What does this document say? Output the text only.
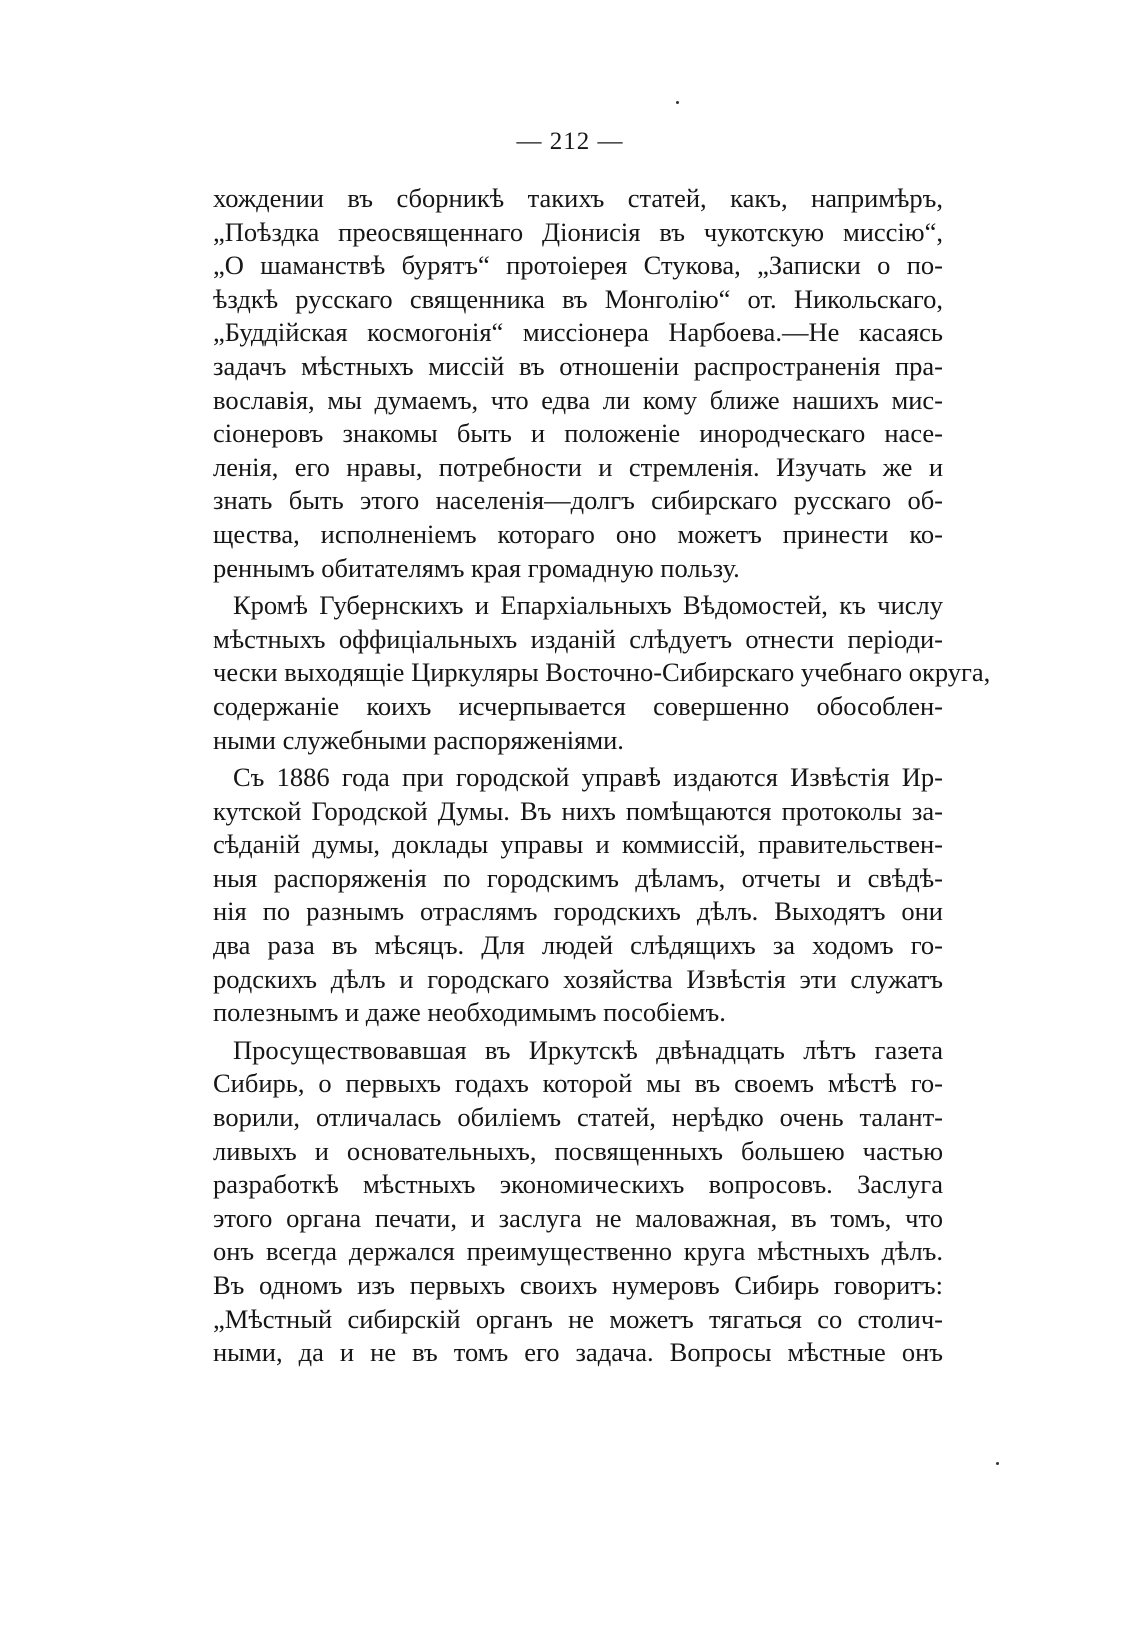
— 212 —
хождении въ сборникѣ такихъ статей, какъ, напримѣръ,
„Поѣздка преосвященнаго Діонисія въ чукотскую миссію“,
„О шаманствѣ бурятъ“ протоіерея Стукова, „Записки о по-
ѣздкѣ русскаго священника въ Монголію“ от. Никольскаго,
„Буддійская космогонія“ миссіонера Нарбоева.—Не касаясь
задачъ мѣстныхъ миссій въ отношеніи распространенія пра-
вославія, мы думаемъ, что едва ли кому ближе нашихъ мис-
сіонеровъ знакомы быть и положеніе инородческаго насе-
ленія, его нравы, потребности и стремленія. Изучать же и
знать быть этого населенія—долгъ сибирскаго русскаго об-
щества, исполненіемъ котораго оно можетъ принести ко-
реннымъ обитателямъ края громадную пользу.
Кромѣ Губернскихъ и Епархіальныхъ Вѣдомостей, къ числу
мѣстныхъ оффиціальныхъ изданій слѣдуетъ отнести періоди-
чески выходящіе Циркуляры Восточно-Сибирскаго учебнаго округа,
содержаніе коихъ исчерпывается совершенно обособлен-
ными служебными распоряженіями.
Съ 1886 года при городской управѣ издаются Извѣстія Ир-
кутской Городской Думы. Въ нихъ помѣщаются протоколы за-
сѣданій думы, доклады управы и коммиссій, правительствен-
ныя распоряженія по городскимъ дѣламъ, отчеты и свѣдѣ-
нія по разнымъ отраслямъ городскихъ дѣлъ. Выходятъ они
два раза въ мѣсяцъ. Для людей слѣдящихъ за ходомъ го-
родскихъ дѣлъ и городскаго хозяйства Извѣстія эти служатъ
полезнымъ и даже необходимымъ пособіемъ.
Просуществовавшая въ Иркутскѣ двѣнадцать лѣтъ газета
Сибирь, о первыхъ годахъ которой мы въ своемъ мѣстѣ го-
ворили, отличалась обиліемъ статей, нерѣдко очень талант-
ливыхъ и основательныхъ, посвященныхъ большею частью
разработкѣ мѣстныхъ экономическихъ вопросовъ. Заслуга
этого органа печати, и заслуга не маловажная, въ томъ, что
онъ всегда держался преимущественно круга мѣстныхъ дѣлъ.
Въ одномъ изъ первыхъ своихъ нумеровъ Сибирь говоритъ:
„Мѣстный сибирскій органъ не можетъ тягаться со столич-
ными, да и не въ томъ его задача. Вопросы мѣстные онъ
